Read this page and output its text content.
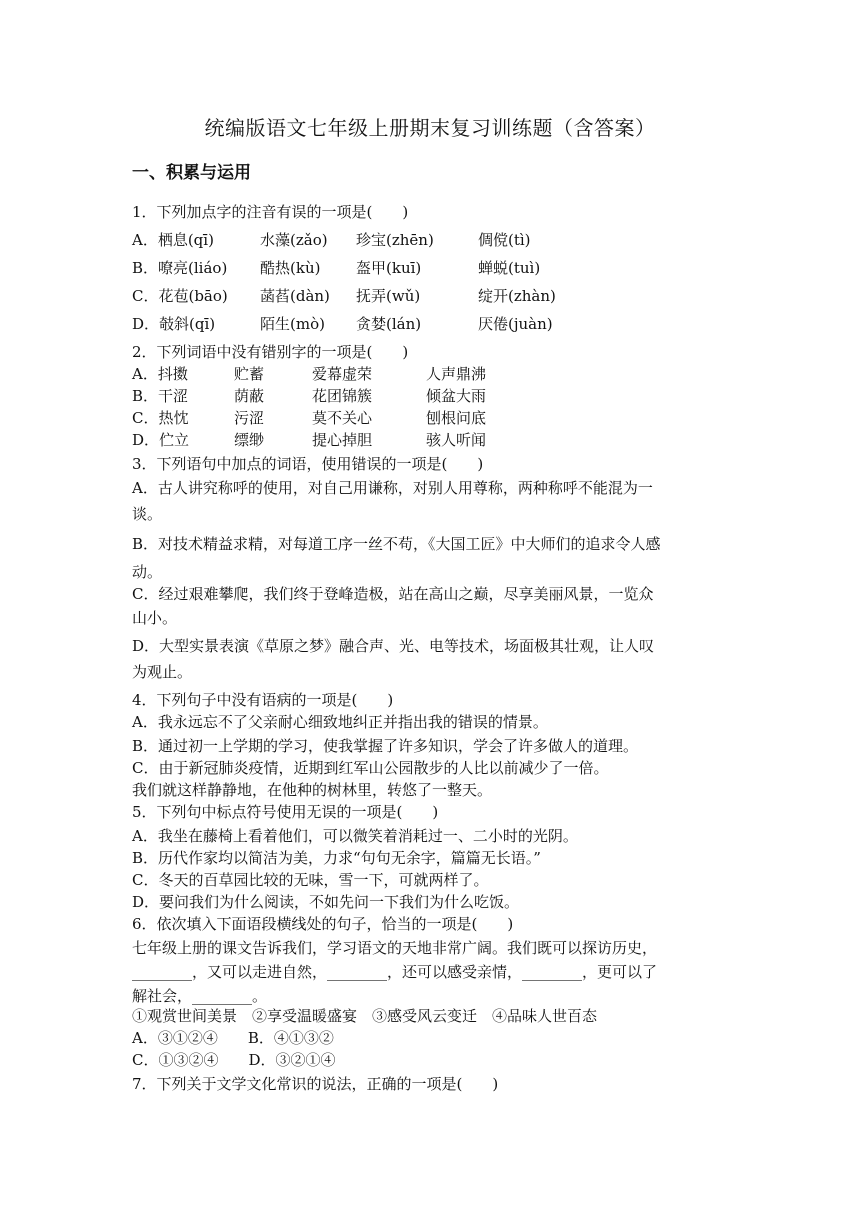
统编版语文七年级上册期末复习训练题（含答案）
一、积累与运用
1．下列加点字的注音有误的一项是(　　)
A．栖息(qī)	水藻(zǎo) 珍宝(zhēn)	倜傥(tì)
B．嘹亮(liáo) 酷热(kù) 盔甲(kuī)	蝉蜕(tuì)
C．花苞(bāo) 菡萏(dàn) 抚弄(wǔ)	绽开(zhàn)
D．攲斜(qī)	陌生(mò) 贪婪(lán)	厌倦(juàn)
2．下列词语中没有错别字的一项是(　　)
A．抖擞	贮蓄	爱幕虚荣	人声鼎沸
B．干涩	荫蔽	花团锦簇	倾盆大雨
C．热忱	污涩	莫不关心	刨根问底
D．伫立	缥缈	提心掉胆	骇人听闻
3．下列语句中加点的词语，使用错误的一项是(　　)
A．古人讲究称呼的使用，对自己用谦称，对别人用尊称，两种称呼不能混为一
谈。
B．对技术精益求精，对每道工序一丝不苟，《大国工匠》中大师们的追求令人感
动。
C．经过艰难攀爬，我们终于登峰造极，站在高山之巅，尽享美丽风景，一览众
山小。
D．大型实景表演《草原之梦》融合声、光、电等技术，场面极其壮观，让人叹
为观止。
4．下列句子中没有语病的一项是(　　)
A．我永远忘不了父亲耐心细致地纠正并指出我的错误的情景。
B．通过初一上学期的学习，使我掌握了许多知识，学会了许多做人的道理。
C．由于新冠肺炎疫情，近期到红军山公园散步的人比以前减少了一倍。
我们就这样静静地，在他种的树林里，转悠了一整天。
5．下列句中标点符号使用无误的一项是(　　)
A．我坐在藤椅上看着他们，可以微笑着消耗过一、二小时的光阴。
B．历代作家均以简洁为美，力求“句句无余字，篇篇无长语。”
C．冬天的百草园比较的无味，雪一下，可就两样了。
D．要问我们为什么阅读，不如先问一下我们为什么吃饭。
6．依次填入下面语段横线处的句子，恰当的一项是(　　)
七年级上册的课文告诉我们，学习语文的天地非常广阔。我们既可以探访历史，
________，又可以走进自然，________，还可以感受亲情，________，更可以了
解社会，________。
①观赏世间美景　②享受温暖盛宴　③感受风云变迁　④品味人世百态
A．③①②④　　B．④①③②
C．①③②④　　D．③②①④
7．下列关于文学文化常识的说法，正确的一项是(　　)
